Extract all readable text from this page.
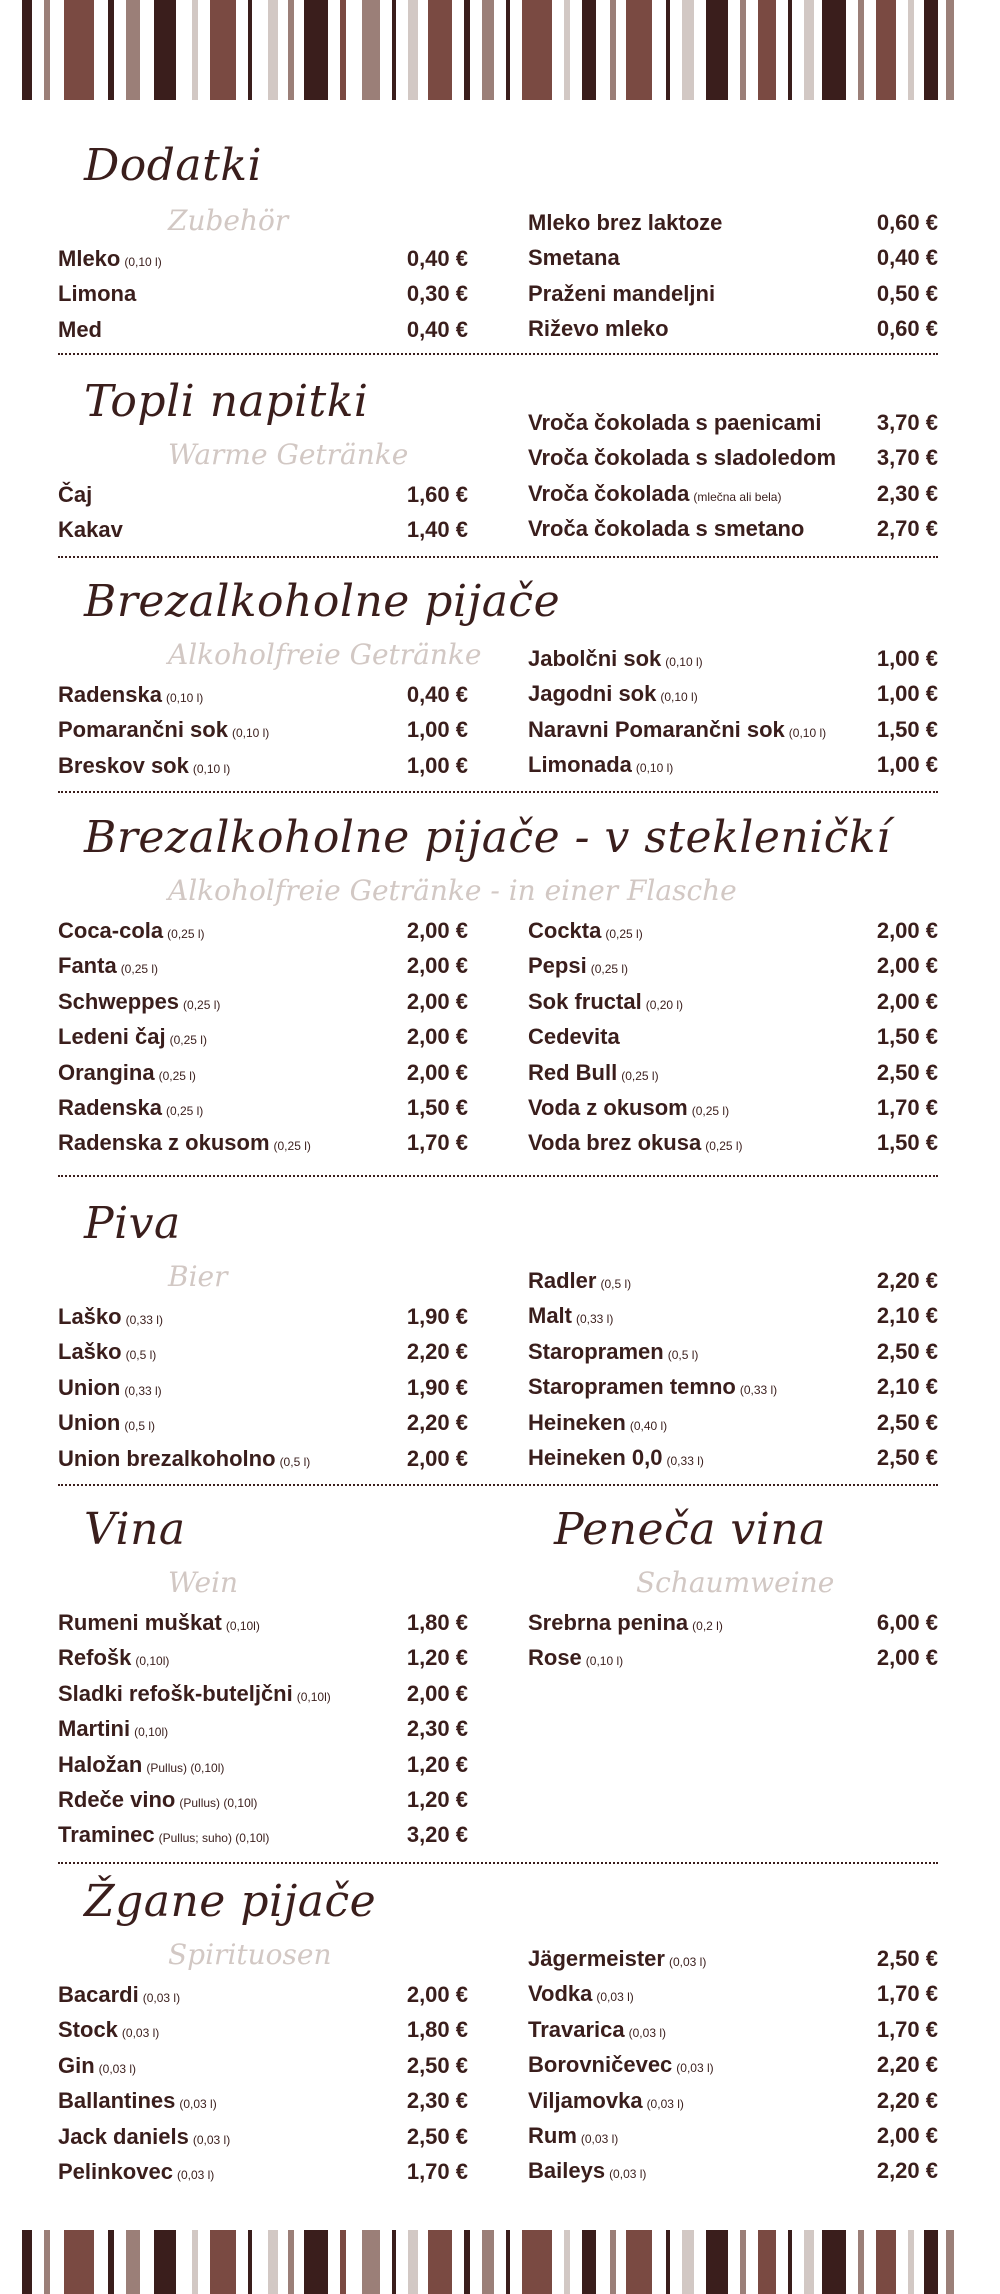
Dodatki
Zubehör
Mleko (0,10 l)	0,40 €
Limona	0,30 €
Med	0,40 €
Mleko brez laktoze	0,60 €
Smetana	0,40 €
Praženi mandeljni	0,50 €
Riževo mleko	0,60 €
Topli napitki
Warme Getränke
Čaj	1,60 €
Kakav	1,40 €
Vroča čokolada s paenicami	3,70 €
Vroča čokolada s sladoledom 3,70 €
Vroča čokolada (mlečna ali bela)	2,30 €
Vroča čokolada s smetano	2,70 €
Brezalkoholne pijače
Alkoholfreie Getränke
Radenska (0,10 l)	0,40 €
Pomarančni sok (0,10 l)	1,00 €
Breskov sok (0,10 l)	1,00 €
Jabolčni sok (0,10 l)	1,00 €
Jagodni sok (0,10 l)	1,00 €
Naravni Pomarančni sok (0,10 l) 1,50 €
Limonada (0,10 l)	1,00 €
Brezalkoholne pijače - v stekleničkí
Alkoholfreie Getränke - in einer Flasche
Coca-cola (0,25 l)	2,00 €
Fanta (0,25 l)	2,00 €
Schweppes (0,25 l)	2,00 €
Ledeni čaj (0,25 l)	2,00 €
Orangina (0,25 l)	2,00 €
Radenska (0,25 l)	1,50 €
Radenska z okusom (0,25 l)	1,70 €
Cockta (0,25 l)	2,00 €
Pepsi (0,25 l)	2,00 €
Sok fructal (0,20 l)	2,00 €
Cedevita	1,50 €
Red Bull (0,25 l)	2,50 €
Voda z okusom (0,25 l)	1,70 €
Voda brez okusa (0,25 l)	1,50 €
Piva
Bier
Laško (0,33 l)	1,90 €
Laško (0,5 l)	2,20 €
Union (0,33 l)	1,90 €
Union (0,5 l)	2,20 €
Union brezalkoholno (0,5 l)	2,00 €
Radler (0,5 l)	2,20 €
Malt (0,33 l)	2,10 €
Staropramen (0,5 l)	2,50 €
Staropramen temno (0,33 l)	2,10 €
Heineken (0,40 l)	2,50 €
Heineken 0,0 (0,33 l)	2,50 €
Vina
Wein
Peneča vina
Schaumweine
Rumeni muškat (0,10l)	1,80 €
Refošk (0,10l)	1,20 €
Sladki refošk-buteljčni (0,10l)	2,00 €
Martini (0,10l)	2,30 €
Haložan (Pullus) (0,10l)	1,20 €
Rdeče vino (Pullus) (0,10l)	1,20 €
Traminec (Pullus; suho) (0,10l)	3,20 €
Srebrna penina (0,2 l)	6,00 €
Rose (0,10 l)	2,00 €
Žgane pijače
Spirituosen
Bacardi (0,03 l)	2,00 €
Stock (0,03 l)	1,80 €
Gin (0,03 l)	2,50 €
Ballantines (0,03 l)	2,30 €
Jack daniels (0,03 l)	2,50 €
Pelinkovec (0,03 l)	1,70 €
Jägermeister (0,03 l)	2,50 €
Vodka (0,03 l)	1,70 €
Travarica (0,03 l)	1,70 €
Borovničevec (0,03 l)	2,20 €
Viljamovka (0,03 l)	2,20 €
Rum (0,03 l)	2,00 €
Baileys (0,03 l)	2,20 €
